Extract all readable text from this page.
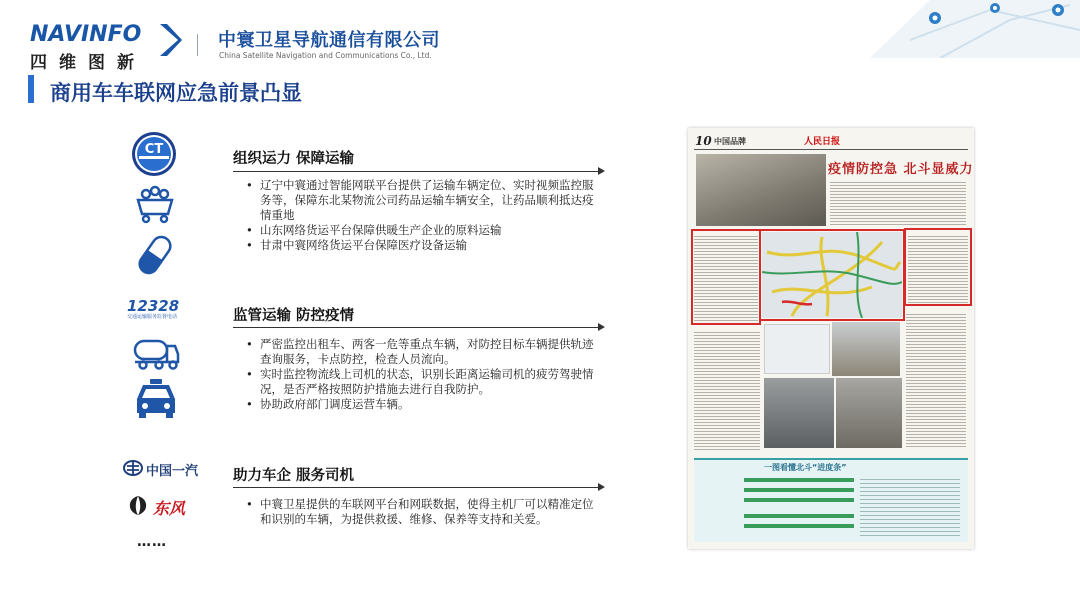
NAVINFO
四维图新
中寰卫星导航通信有限公司
China Satellite Navigation and Communications Co., Ltd.
商用车车联网应急前景凸显
CT
12328
交通运输服务监督电话
中国一汽
东风
……
组织运力 保障运输
• 辽宁中寰通过智能网联平台提供了运输车辆定位、实时视频监控服务等，保障东北某物流公司药品运输车辆安全，让药品顺利抵达疫情重地
• 山东网络货运平台保障供暖生产企业的原料运输
• 甘肃中寰网络货运平台保障医疗设备运输
监管运输 防控疫情
• 严密监控出租车、两客一危等重点车辆，对防控目标车辆提供轨迹查询服务，卡点防控，检查人员流向。
• 实时监控物流线上司机的状态，识别长距离运输司机的疲劳驾驶情况，是否严格按照防护措施去进行自我防护。
• 协助政府部门调度运营车辆。
助力车企 服务司机
• 中寰卫星提供的车联网平台和网联数据，使得主机厂可以精准定位和识别的车辆，为提供救援、维修、保养等支持和关爱。
10 中国品牌	人民日报
疫情防控急 北斗显威力
一图看懂北斗“进度条”
